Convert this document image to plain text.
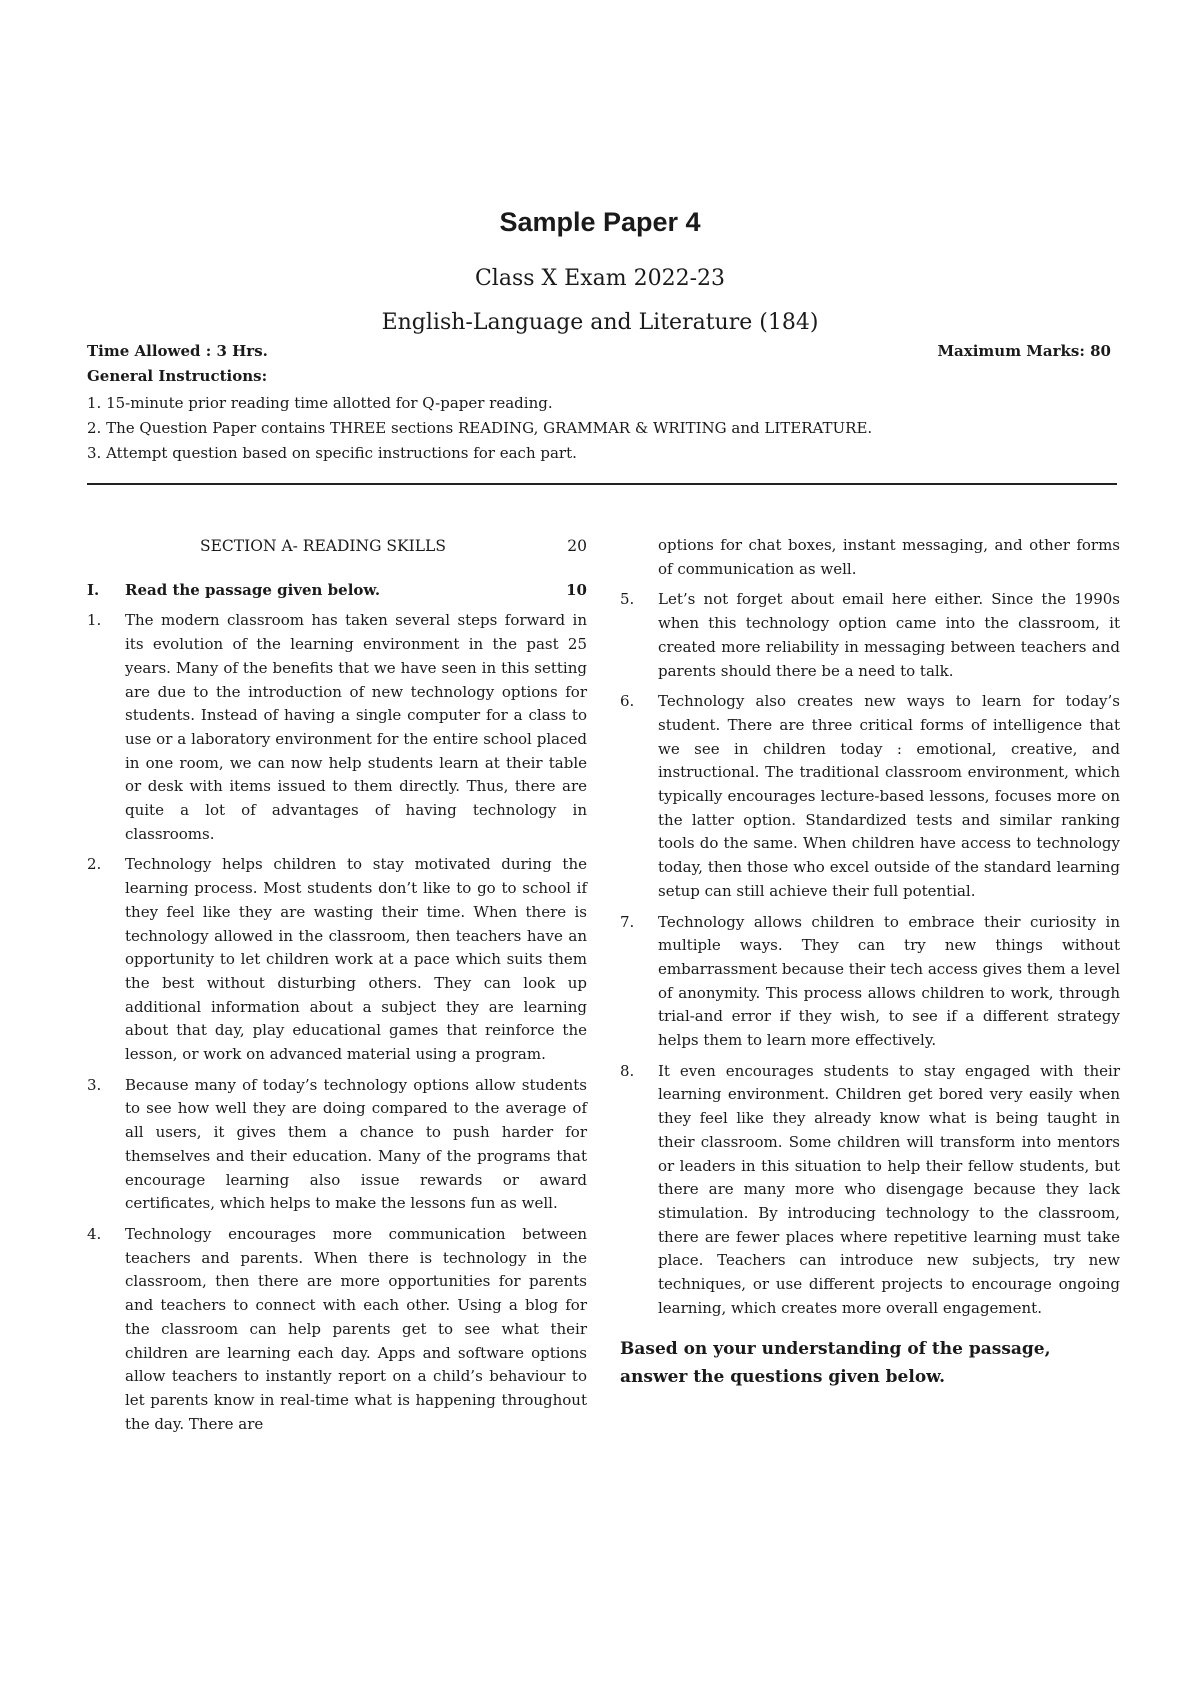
Sample Paper 4
Class X Exam 2022-23
English-Language and Literature (184)
Time Allowed : 3 Hrs.	Maximum Marks: 80
General Instructions:
1. 15-minute prior reading time allotted for Q-paper reading.
2. The Question Paper contains THREE sections READING, GRAMMAR & WRITING and LITERATURE.
3. Attempt question based on specific instructions for each part.
SECTION A- READING SKILLS	20
I. Read the passage given below.	10
1.	The modern classroom has taken several steps forward in its evolution of the learning environment in the past 25 years. Many of the benefits that we have seen in this setting are due to the introduction of new technology options for students. Instead of having a single computer for a class to use or a laboratory environment for the entire school placed in one room, we can now help students learn at their table or desk with items issued to them directly. Thus, there are quite a lot of advantages of having technology in classrooms.
2.	Technology helps children to stay motivated during the learning process. Most students don’t like to go to school if they feel like they are wasting their time. When there is technology allowed in the classroom, then teachers have an opportunity to let children work at a pace which suits them the best without disturbing others. They can look up additional information about a subject they are learning about that day, play educational games that reinforce the lesson, or work on advanced material using a program.
3.	Because many of today’s technology options allow students to see how well they are doing compared to the average of all users, it gives them a chance to push harder for themselves and their education. Many of the programs that encourage learning also issue rewards or award certificates, which helps to make the lessons fun as well.
4.	Technology encourages more communication between teachers and parents. When there is technology in the classroom, then there are more opportunities for parents and teachers to connect with each other. Using a blog for the classroom can help parents get to see what their children are learning each day. Apps and software options allow teachers to instantly report on a child’s behaviour to let parents know in real-time what is happening throughout the day. There are
options for chat boxes, instant messaging, and other forms of communication as well.
5.	Let’s not forget about email here either. Since the 1990s when this technology option came into the classroom, it created more reliability in messaging between teachers and parents should there be a need to talk.
6.	Technology also creates new ways to learn for today’s student. There are three critical forms of intelligence that we see in children today : emotional, creative, and instructional. The traditional classroom environment, which typically encourages lecture-based lessons, focuses more on the latter option. Standardized tests and similar ranking tools do the same. When children have access to technology today, then those who excel outside of the standard learning setup can still achieve their full potential.
7.	Technology allows children to embrace their curiosity in multiple ways. They can try new things without embarrassment because their tech access gives them a level of anonymity. This process allows children to work, through trial-and error if they wish, to see if a different strategy helps them to learn more effectively.
8.	It even encourages students to stay engaged with their learning environment. Children get bored very easily when they feel like they already know what is being taught in their classroom. Some children will transform into mentors or leaders in this situation to help their fellow students, but there are many more who disengage because they lack stimulation. By introducing technology to the classroom, there are fewer places where repetitive learning must take place. Teachers can introduce new subjects, try new techniques, or use different projects to encourage ongoing learning, which creates more overall engagement.
Based on your understanding of the passage, answer the questions given below.
